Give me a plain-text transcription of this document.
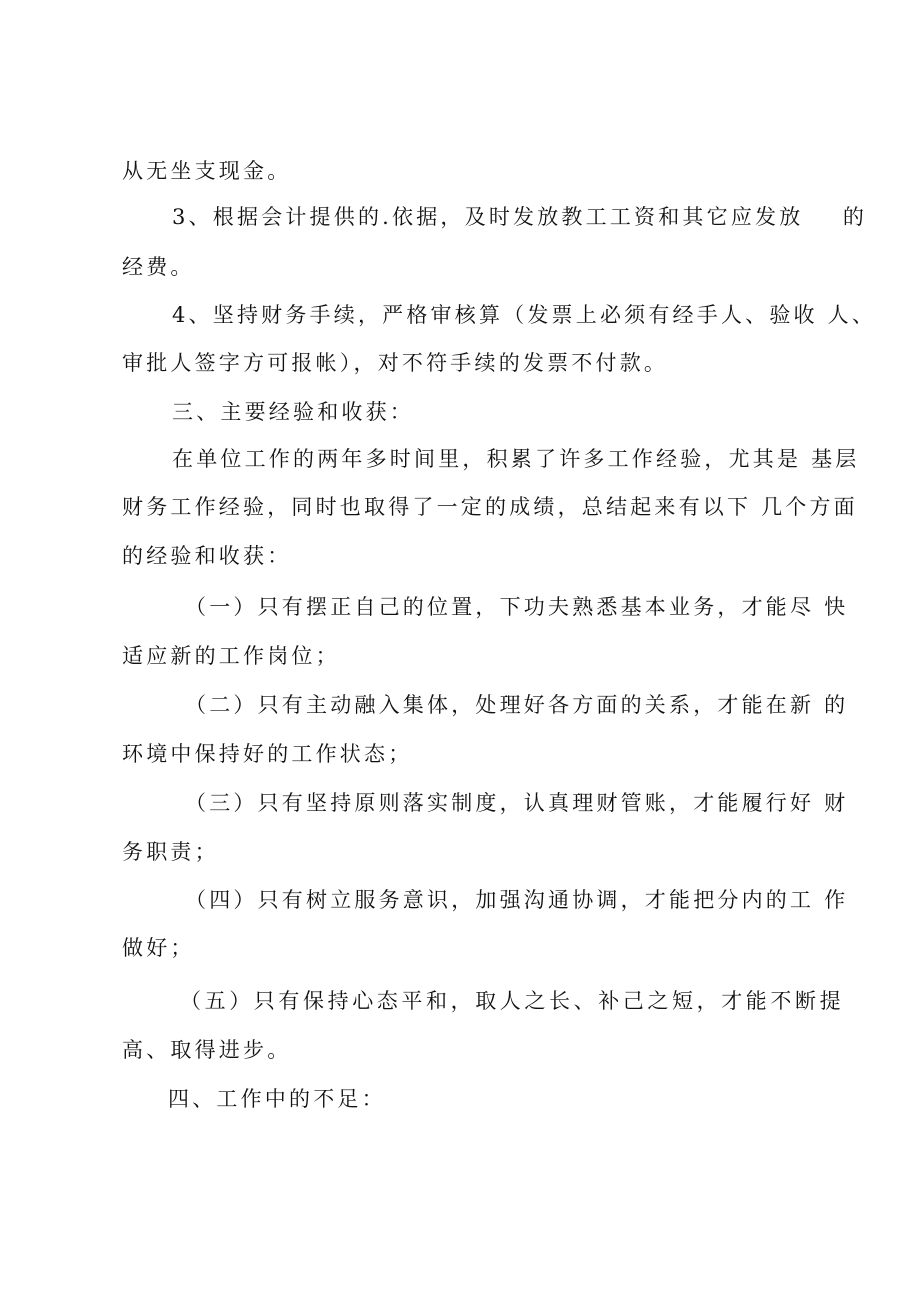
从无坐支现金。
3、根据会计提供的.依据，及时发放教工工资和其它应发放    的
经费。
4、坚持财务手续，严格审核算（发票上必须有经手人、验收 人、
审批人签字方可报帐），对不符手续的发票不付款。
三、主要经验和收获：
在单位工作的两年多时间里，积累了许多工作经验，尤其是 基层
财务工作经验，同时也取得了一定的成绩，总结起来有以下 几个方面
的经验和收获：
（一）只有摆正自己的位置，下功夫熟悉基本业务，才能尽 快
适应新的工作岗位；
（二）只有主动融入集体，处理好各方面的关系，才能在新 的
环境中保持好的工作状态；
（三）只有坚持原则落实制度，认真理财管账，才能履行好 财
务职责；
（四）只有树立服务意识，加强沟通协调，才能把分内的工 作
做好；
（五）只有保持心态平和，取人之长、补己之短，才能不断提
高、取得进步。
四、工作中的不足：
